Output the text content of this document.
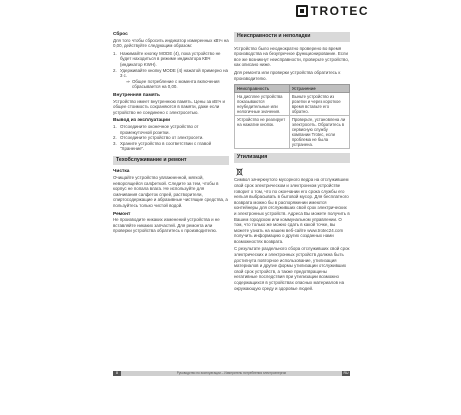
TROTEC
Сброс
Для того чтобы сбросить индикатор измеренных кВтч на 0,00, действуйте следующим образом:
1. Нажимайте кнопку MODE (4), пока устройство не будет находиться в режиме индикатора КВЧ (индикатор KWH).
2. Удерживайте кнопку MODE (4) нажатой примерно на 3 с.
⇒ Общее потребление с момента включения сбрасывается на 0,00.
Внутренняя память
Устройство имеет внутреннюю память. Цены за кВтч и общее стоимость сохраняются в памяти, даже если устройство не соединено с электросетью.
Вывод из эксплуатации
1. Отсоедините оконечное устройство от промежуточной розетки.
2. Отсоедините устройство от электросети.
3. Храните устройство в соответствии с главой "Хранение".
Техобслуживание и ремонт
Чистка
Очищайте устройство увлажненной, мягкой, неворсящейся салфеткой. Следите за тем, чтобы в корпус не попала влага. Не используйте для смачивания салфеток спрей, растворители, спиртосодержащие и абразивные чистящие средства, а пользуйтесь только чистой водой.
Ремонт
Не производите никаких изменений устройства и не вставляйте никаких запчастей. Для ремонта или проверки устройства обратитесь к производителю.
Неисправности и неполадки
Устройство было неоднократно проверено во время производства на безупречное функционирование. Если все же возникнут неисправности, проверьте устройство, как описано ниже.
Для ремонта или проверки устройства обратитесь к производителю.
Неисправность	Устранение
На дисплее устройства показываются неубедительные или нелогичные значения.	Выньте устройство из розетки и через короткое время вставьте его обратно.
Устройство не реагирует на нажатие кнопок.	Проверьте, установлена ли электросеть. Обратитесь в сервисную службу компании Trotec, если проблема не была устранена.
Утилизация
Символ зачеркнутого мусорного ведра на отслужившем свой срок электрическом и электронном устройстве говорит о том, что по окончании его срока службы его нельзя выбрасывать в бытовой мусор. Для бесплатного возврата можно бы в распоряжении имеются контейнеры для отслуживших свой срок электрических и электронных устройств. Адреса Вы можете получить в Вашем городском или коммунальном управлении. О том, что только же можно сдать в какой точке, вы можете узнать на нашем веб-сайте www.trotec24.com получить информацию о других созданных нами возможностях возврата.
С результате раздельного сбора отслуживших свой срок электрических и электронных устройств должна быть достигнута повторное использование, утилизация материалов и другие формы утилизации отслуживших свой срок устройств, а также предотвращены негативные последствия при утилизации возможно содержащихся в устройствах опасных материалов на окружающую среду и здоровье людей.
Руководство по эксплуатации – Измеритель потребления электроэнергии
8	RU
